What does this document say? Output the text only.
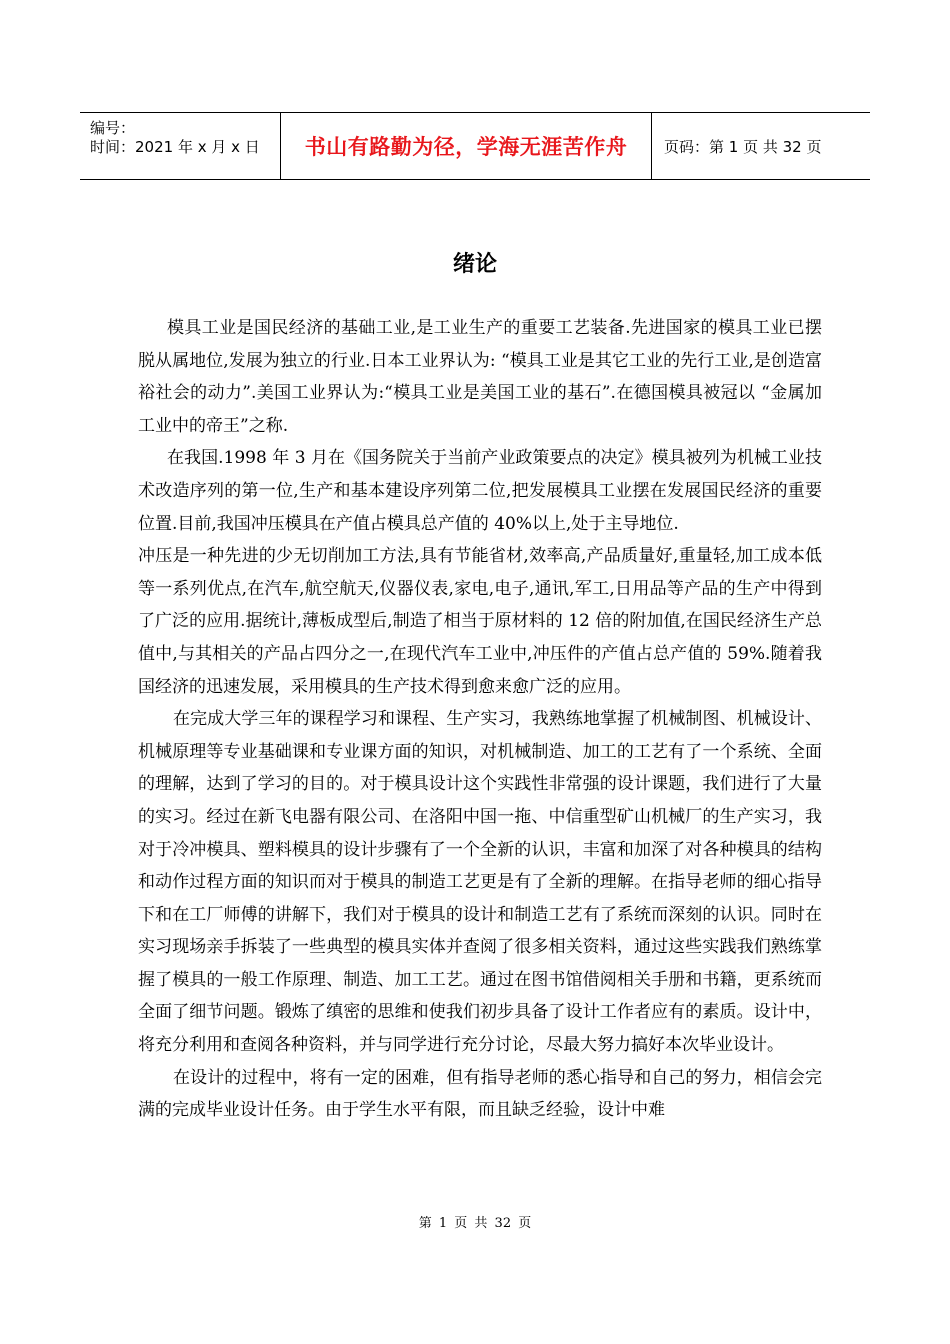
编号：
时间：2021 年 x 月 x 日	书山有路勤为径，学海无涯苦作舟 页码：第 1 页 共 32 页
绪论

模具工业是国民经济的基础工业,是工业生产的重要工艺装备.先进国家的模具工业已摆脱从属地位,发展为独立的行业.日本工业界认为: “模具工业是其它工业的先行工业,是创造富裕社会的动力”.美国工业界认为:“模具工业是美国工业的基石”.在德国模具被冠以 “金属加工业中的帝王”之称.

在我国.1998 年 3 月在《国务院关于当前产业政策要点的决定》模具被列为机械工业技术改造序列的第一位,生产和基本建设序列第二位,把发展模具工业摆在发展国民经济的重要位置.目前,我国冲压模具在产值占模具总产值的 40%以上,处于主导地位.

冲压是一种先进的少无切削加工方法,具有节能省材,效率高,产品质量好,重量轻,加工成本低等一系列优点,在汽车,航空航天,仪器仪表,家电,电子,通讯,军工,日用品等产品的生产中得到了广泛的应用.据统计,薄板成型后,制造了相当于原材料的 12 倍的附加值,在国民经济生产总值中,与其相关的产品占四分之一,在现代汽车工业中,冲压件的产值占总产值的 59%.随着我国经济的迅速发展，采用模具的生产技术得到愈来愈广泛的应用。

在完成大学三年的课程学习和课程、生产实习，我熟练地掌握了机械制图、机械设计、机械原理等专业基础课和专业课方面的知识，对机械制造、加工的工艺有了一个系统、全面的理解，达到了学习的目的。对于模具设计这个实践性非常强的设计课题，我们进行了大量的实习。经过在新飞电器有限公司、在洛阳中国一拖、中信重型矿山机械厂的生产实习，我对于冷冲模具、塑料模具的设计步骤有了一个全新的认识，丰富和加深了对各种模具的结构和动作过程方面的知识而对于模具的制造工艺更是有了全新的理解。在指导老师的细心指导下和在工厂师傅的讲解下，我们对于模具的设计和制造工艺有了系统而深刻的认识。同时在实习现场亲手拆装了一些典型的模具实体并查阅了很多相关资料，通过这些实践我们熟练掌握了模具的一般工作原理、制造、加工工艺。通过在图书馆借阅相关手册和书籍，更系统而全面了细节问题。锻炼了缜密的思维和使我们初步具备了设计工作者应有的素质。设计中，将充分利用和查阅各种资料，并与同学进行充分讨论，尽最大努力搞好本次毕业设计。

在设计的过程中，将有一定的困难，但有指导老师的悉心指导和自己的努力，相信会完满的完成毕业设计任务。由于学生水平有限，而且缺乏经验，设计中难

第 1 页 共 32 页
